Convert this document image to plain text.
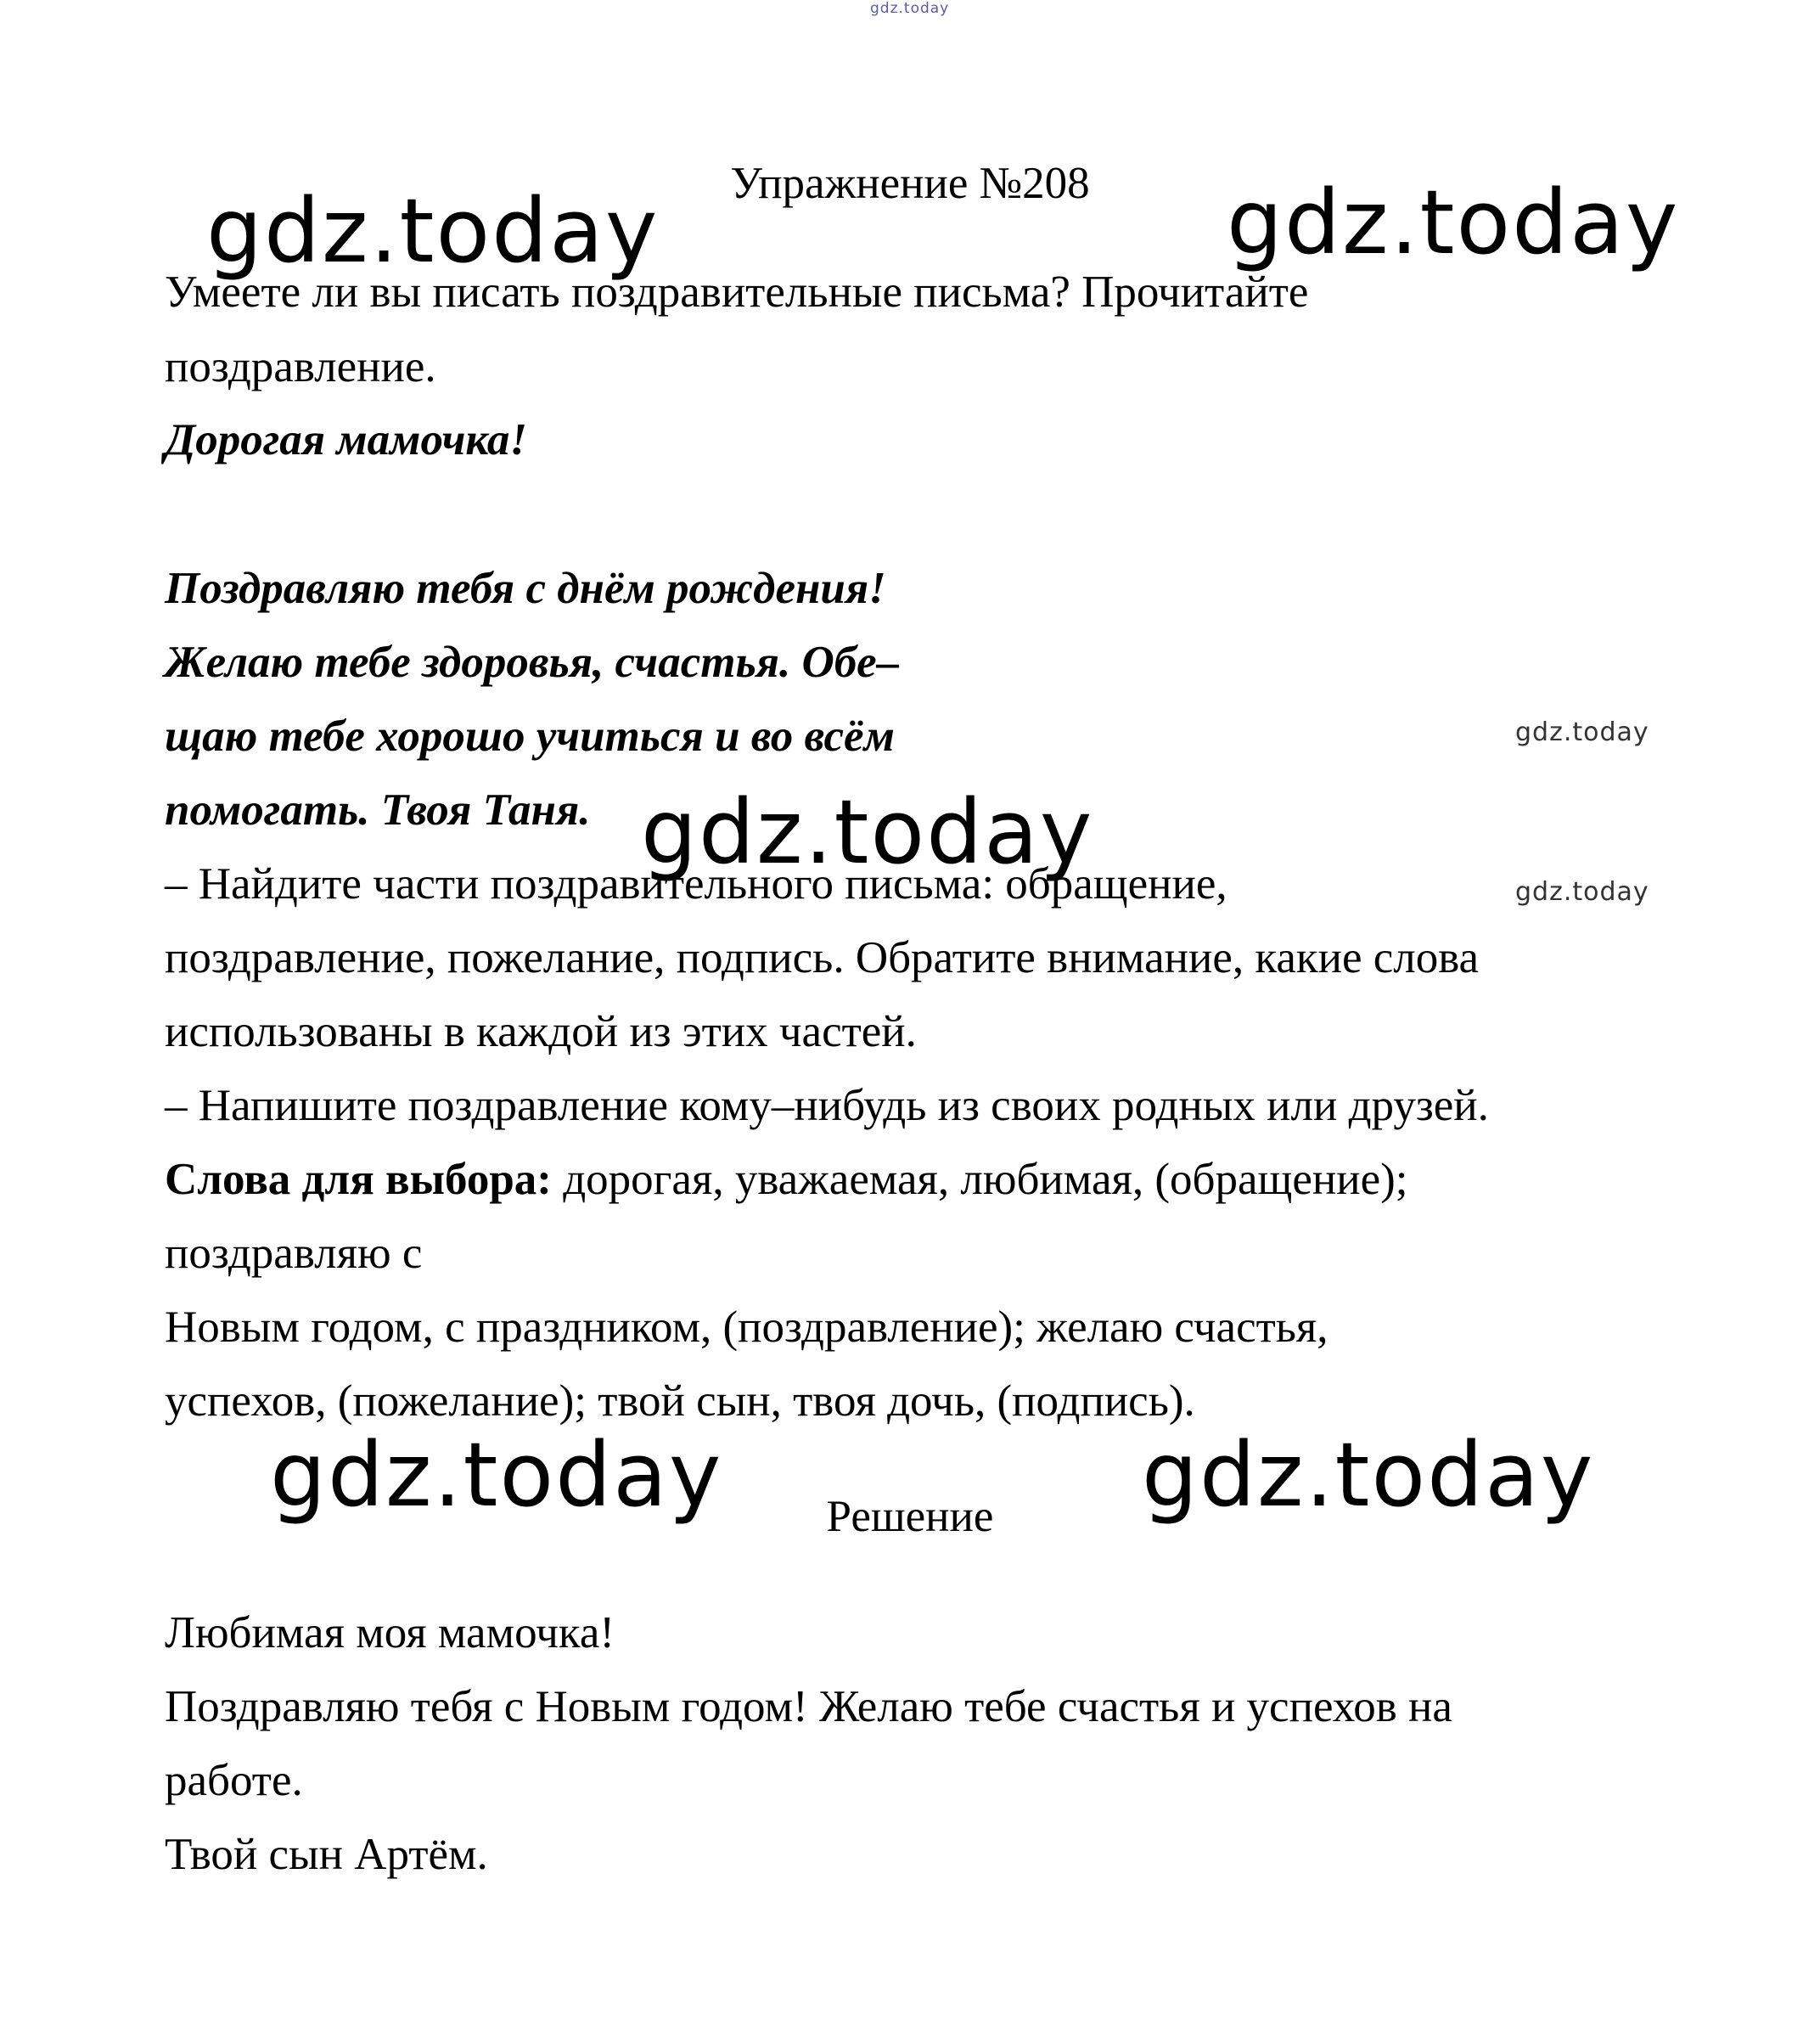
gdz.today
gdz.today	gdz.today
gdz.today
gdz.today
gdz.today
gdz.today	gdz.today
Упражнение №208
Умеете ли вы писать поздравительные письма? Прочитайте
поздравление.
Дорогая мамочка!
Поздравляю тебя с днём рождения!
Желаю тебе здоровья, счастья. Обе–
щаю тебе хорошо учиться и во всём
помогать. Твоя Таня.
– Найдите части поздравительного письма: обращение,
поздравление, пожелание, подпись. Обратите внимание, какие слова
использованы в каждой из этих частей.
– Напишите поздравление кому–нибудь из своих родных или друзей.
Слова для выбора: дорогая, уважаемая, любимая, (обращение);
поздравляю с
Новым годом, с праздником, (поздравление); желаю счастья,
успехов, (пожелание); твой сын, твоя дочь, (подпись).
Решение
Любимая моя мамочка!
Поздравляю тебя с Новым годом! Желаю тебе счастья и успехов на
работе.
Твой сын Артём.
